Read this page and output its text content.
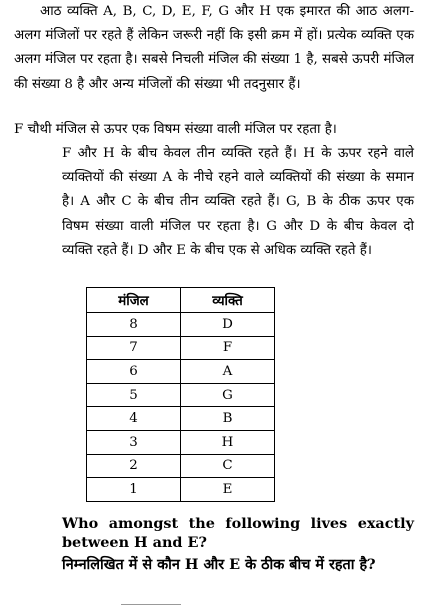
आठ व्यक्ति A, B, C, D, E, F, G और H एक इमारत की आठ अलग-अलग मंजिलों पर रहते हैं लेकिन जरूरी नहीं कि इसी क्रम में हों। प्रत्येक व्यक्ति एक अलग मंजिल पर रहता है। सबसे निचली मंजिल की संख्या 1 है, सबसे ऊपरी मंजिल की संख्या 8 है और अन्य मंजिलों की संख्या भी तदनुसार हैं।
F चौथी मंजिल से ऊपर एक विषम संख्या वाली मंजिल पर रहता है।
F और H के बीच केवल तीन व्यक्ति रहते हैं। H के ऊपर रहने वाले व्यक्तियों की संख्या A के नीचे रहने वाले व्यक्तियों की संख्या के समान है। A और C के बीच तीन व्यक्ति रहते हैं। G, B के ठीक ऊपर एक विषम संख्या वाली मंजिल पर रहता है। G और D के बीच केवल दो व्यक्ति रहते हैं। D और E के बीच एक से अधिक व्यक्ति रहते हैं।
मंजिल	व्यक्ति
8	D
7	F
6	A
5	G
4	B
3	H
2	C
1	E
Who amongst the following lives exactly between H and E?
निम्नलिखित में से कौन H और E के ठीक बीच में रहता है?
